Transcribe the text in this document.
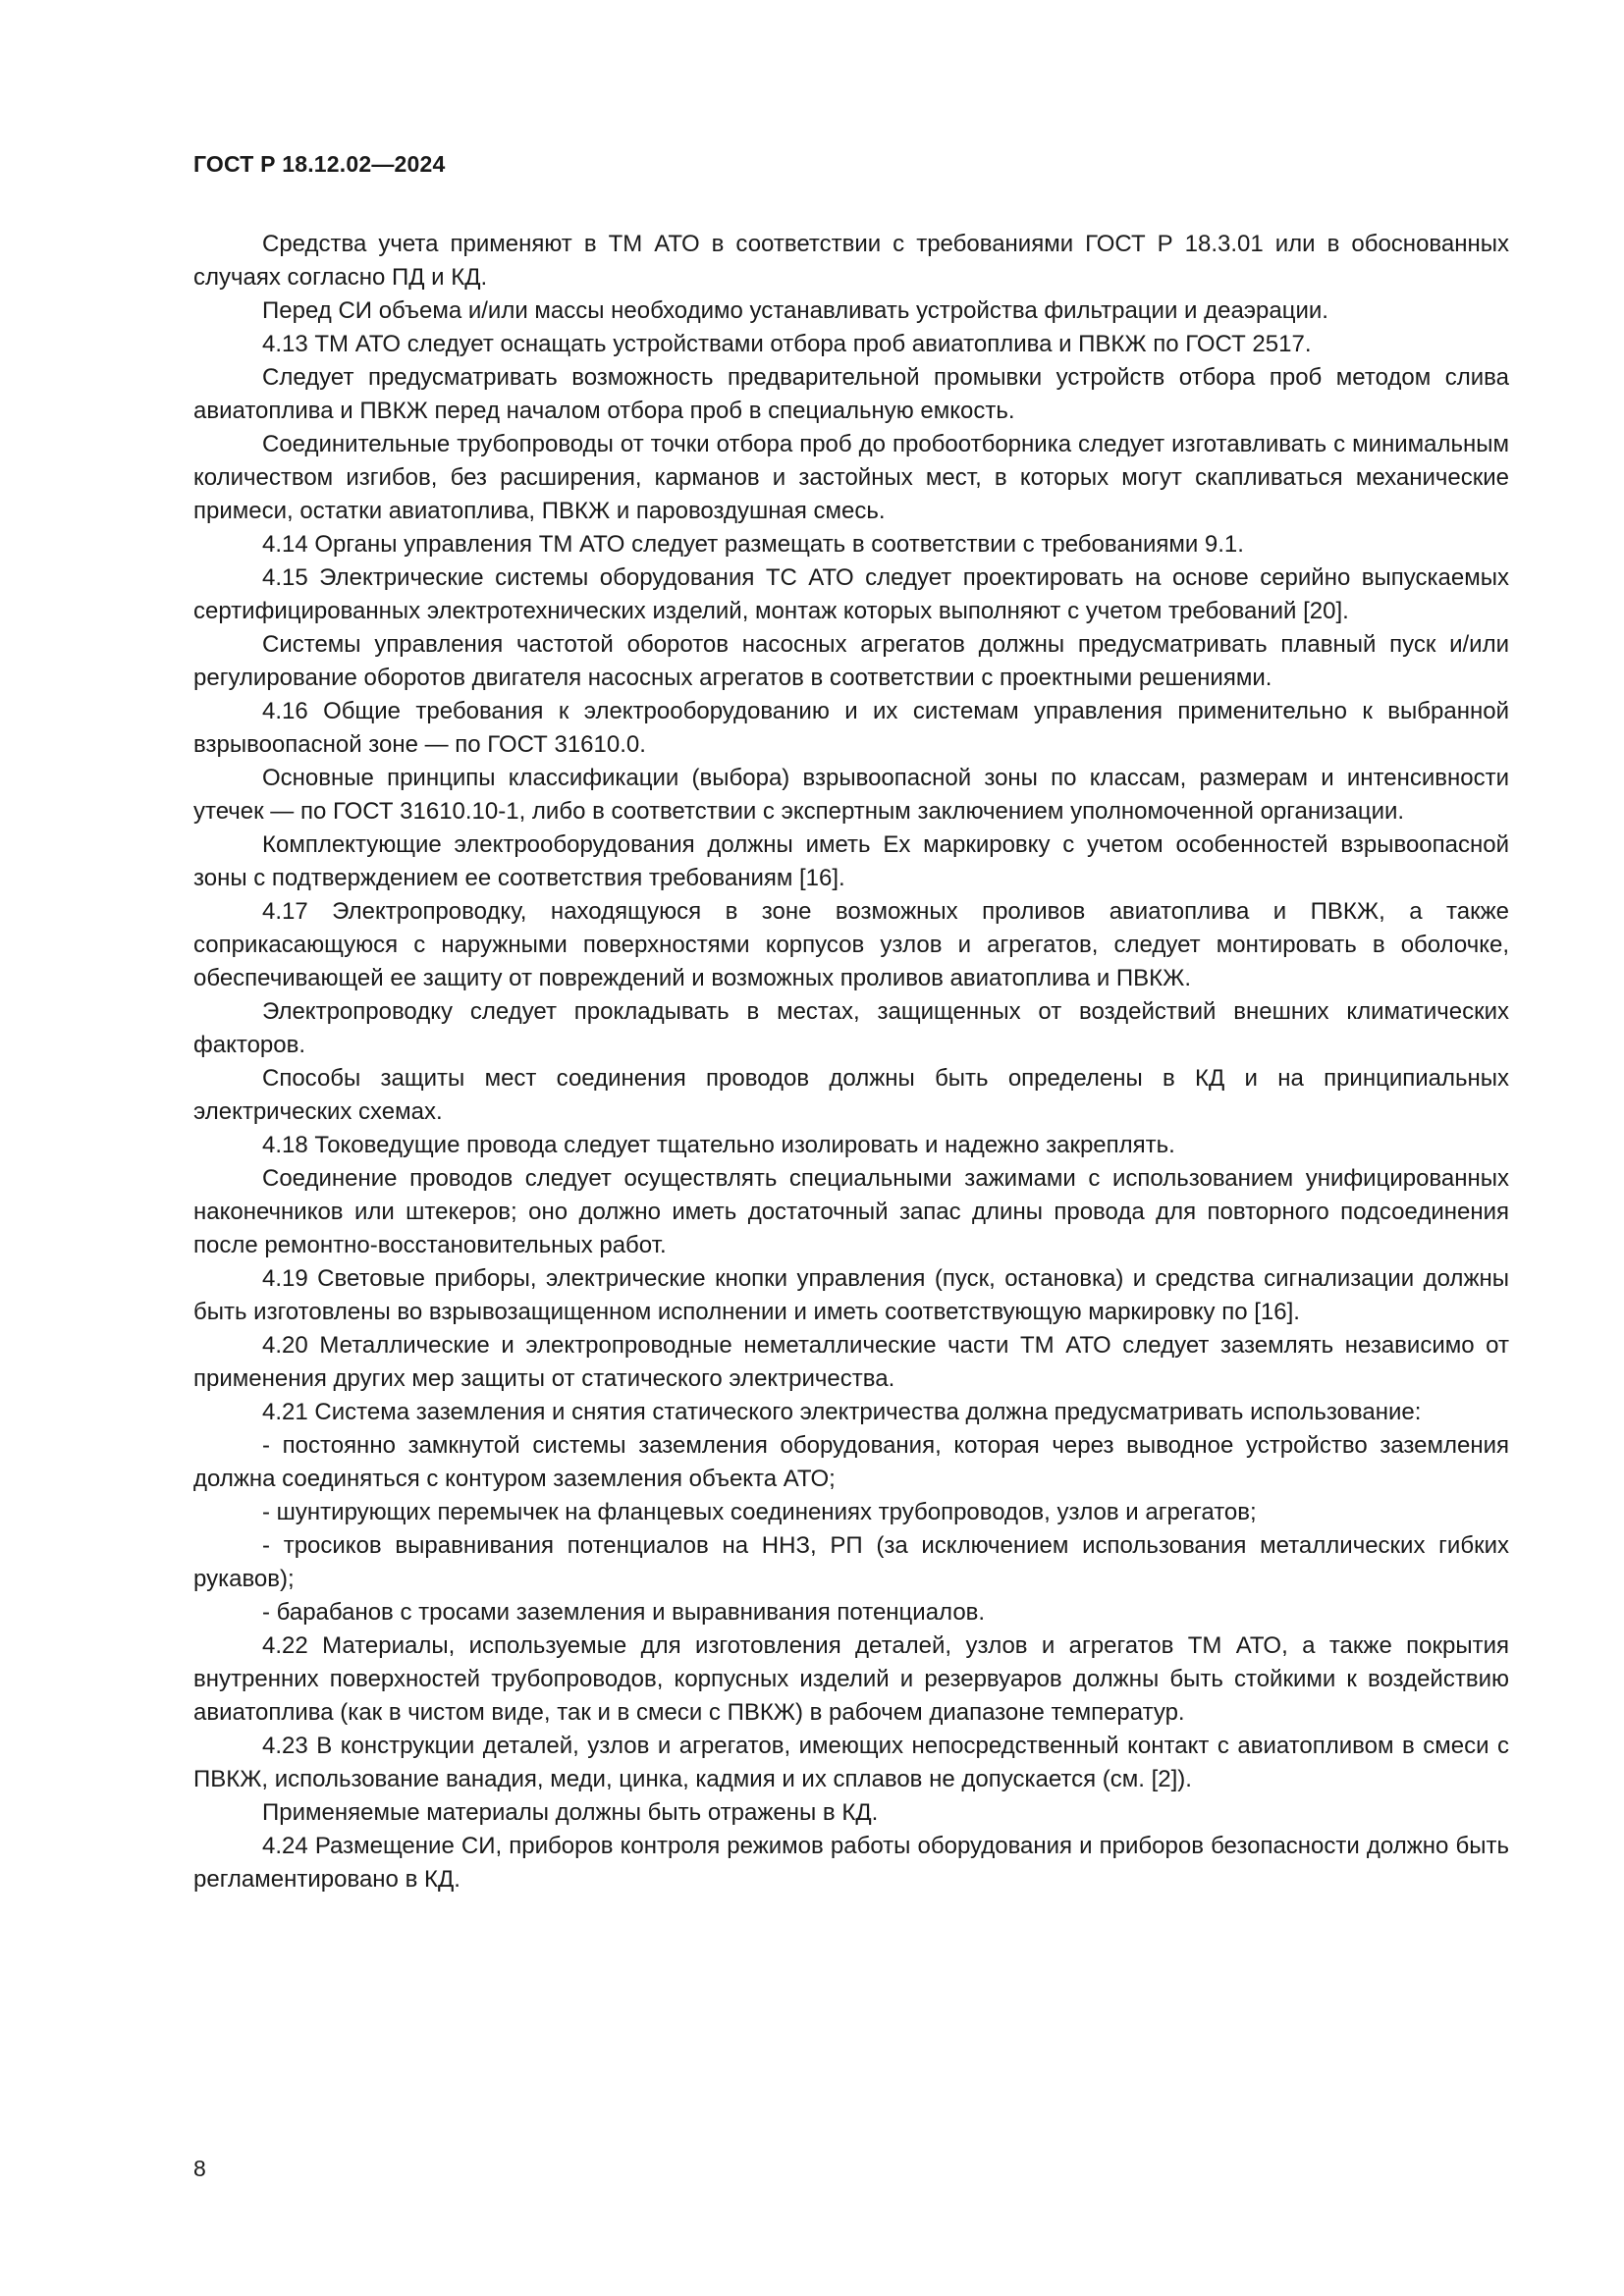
ГОСТ Р 18.12.02—2024

Средства учета применяют в ТМ АТО в соответствии с требованиями ГОСТ Р 18.3.01 или в обоснованных случаях согласно ПД и КД.

Перед СИ объема и/или массы необходимо устанавливать устройства фильтрации и деаэрации.

4.13 ТМ АТО следует оснащать устройствами отбора проб авиатоплива и ПВКЖ по ГОСТ 2517.

Следует предусматривать возможность предварительной промывки устройств отбора проб методом слива авиатоплива и ПВКЖ перед началом отбора проб в специальную емкость.

Соединительные трубопроводы от точки отбора проб до пробоотборника следует изготавливать с минимальным количеством изгибов, без расширения, карманов и застойных мест, в которых могут скапливаться механические примеси, остатки авиатоплива, ПВКЖ и паровоздушная смесь.

4.14 Органы управления ТМ АТО следует размещать в соответствии с требованиями 9.1.

4.15 Электрические системы оборудования ТС АТО следует проектировать на основе серийно выпускаемых сертифицированных электротехнических изделий, монтаж которых выполняют с учетом требований [20].

Системы управления частотой оборотов насосных агрегатов должны предусматривать плавный пуск и/или регулирование оборотов двигателя насосных агрегатов в соответствии с проектными решениями.

4.16 Общие требования к электрооборудованию и их системам управления применительно к выбранной взрывоопасной зоне — по ГОСТ 31610.0.

Основные принципы классификации (выбора) взрывоопасной зоны по классам, размерам и интенсивности утечек — по ГОСТ 31610.10-1, либо в соответствии с экспертным заключением уполномоченной организации.

Комплектующие электрооборудования должны иметь Ex маркировку с учетом особенностей взрывоопасной зоны с подтверждением ее соответствия требованиям [16].

4.17 Электропроводку, находящуюся в зоне возможных проливов авиатоплива и ПВКЖ, а также соприкасающуюся с наружными поверхностями корпусов узлов и агрегатов, следует монтировать в оболочке, обеспечивающей ее защиту от повреждений и возможных проливов авиатоплива и ПВКЖ.

Электропроводку следует прокладывать в местах, защищенных от воздействий внешних климатических факторов.

Способы защиты мест соединения проводов должны быть определены в КД и на принципиальных электрических схемах.

4.18 Токоведущие провода следует тщательно изолировать и надежно закреплять.

Соединение проводов следует осуществлять специальными зажимами с использованием унифицированных наконечников или штекеров; оно должно иметь достаточный запас длины провода для повторного подсоединения после ремонтно-восстановительных работ.

4.19 Световые приборы, электрические кнопки управления (пуск, остановка) и средства сигнализации должны быть изготовлены во взрывозащищенном исполнении и иметь соответствующую маркировку по [16].

4.20 Металлические и электропроводные неметаллические части ТМ АТО следует заземлять независимо от применения других мер защиты от статического электричества.

4.21 Система заземления и снятия статического электричества должна предусматривать использование:

- постоянно замкнутой системы заземления оборудования, которая через выводное устройство заземления должна соединяться с контуром заземления объекта АТО;

- шунтирующих перемычек на фланцевых соединениях трубопроводов, узлов и агрегатов;

- тросиков выравнивания потенциалов на ННЗ, РП (за исключением использования металлических гибких рукавов);

- барабанов с тросами заземления и выравнивания потенциалов.

4.22 Материалы, используемые для изготовления деталей, узлов и агрегатов ТМ АТО, а также покрытия внутренних поверхностей трубопроводов, корпусных изделий и резервуаров должны быть стойкими к воздействию авиатоплива (как в чистом виде, так и в смеси с ПВКЖ) в рабочем диапазоне температур.

4.23 В конструкции деталей, узлов и агрегатов, имеющих непосредственный контакт с авиатопливом в смеси с ПВКЖ, использование ванадия, меди, цинка, кадмия и их сплавов не допускается (см. [2]).

Применяемые материалы должны быть отражены в КД.

4.24 Размещение СИ, приборов контроля режимов работы оборудования и приборов безопасности должно быть регламентировано в КД.

8
